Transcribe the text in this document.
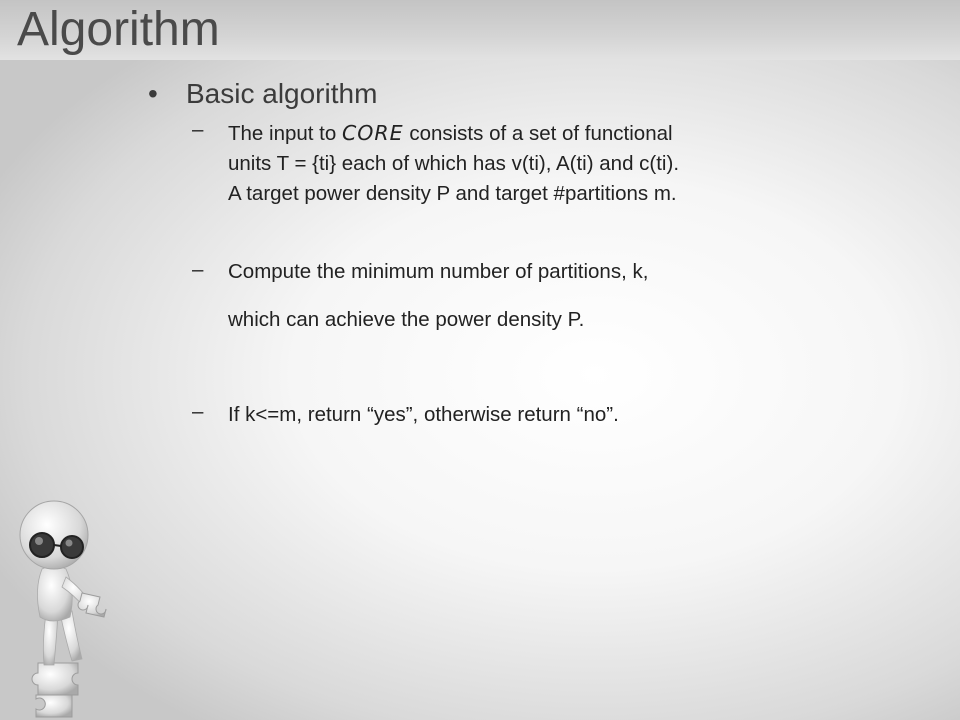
Algorithm
• Basic algorithm
– The input to CORE consists of a set of functional
units T = {ti} each of which has v(ti), A(ti) and c(ti).
A target power density P and target #partitions m.
– Compute the minimum number of partitions, k,
which can achieve the power density P.
– If k<=m, return “yes”, otherwise return “no”.
